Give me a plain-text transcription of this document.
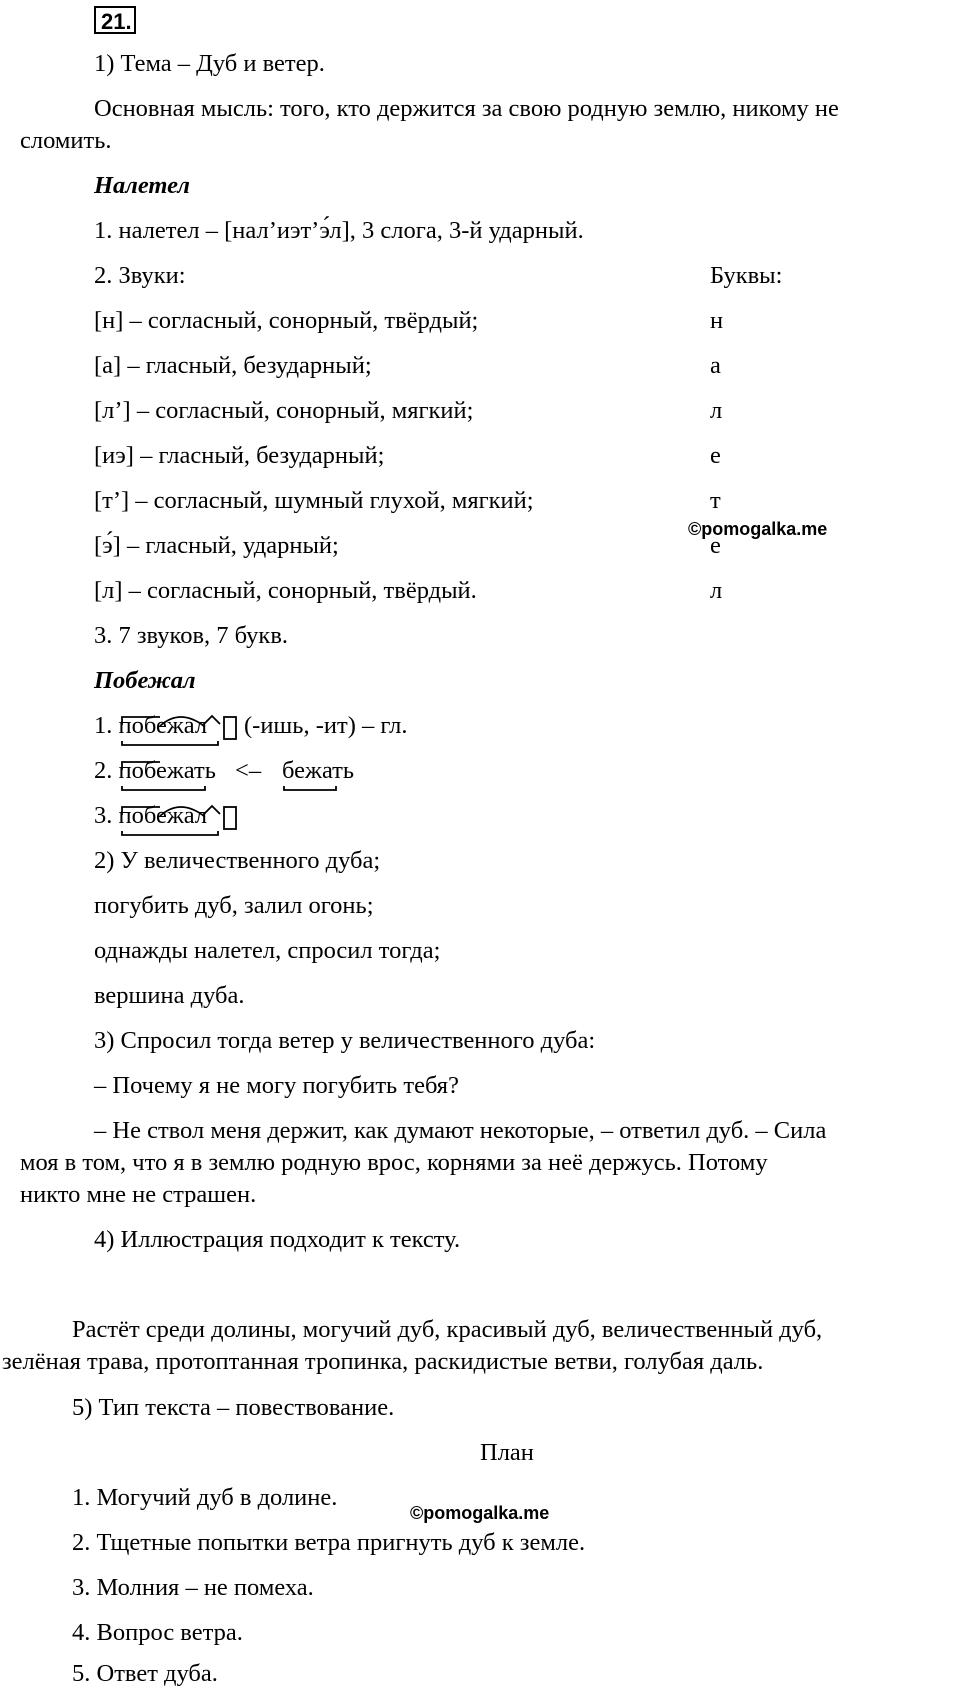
21.
1) Тема – Дуб и ветер.
Основная мысль: того, кто держится за свою родную землю, никому не
сломить.
Налетел
1. налетел – [нал’иэт’э́л], 3 слога, 3-й ударный.
2. Звуки:	Буквы:
[н] – согласный, сонорный, твёрдый;	н
[а] – гласный, безударный;	а
[л’] – согласный, сонорный, мягкий;	л
[иэ] – гласный, безударный;	е
[т’] – согласный, шумный глухой, мягкий;	т
[э́] – гласный, ударный;	е
[л] – согласный, сонорный, твёрдый.	л
3. 7 звуков, 7 букв.
©pomogalka.me
Побежал
1. побежал (-ишь, -ит) – гл.
2. побежать <– бежать
3. побежал
2) У величественного дуба;
погубить дуб, залил огонь;
однажды налетел, спросил тогда;
вершина дуба.
3) Спросил тогда ветер у величественного дуба:
– Почему я не могу погубить тебя?
– Не ствол меня держит, как думают некоторые, – ответил дуб. – Сила
моя в том, что я в землю родную врос, корнями за неё держусь. Потому
никто мне не страшен.
4) Иллюстрация подходит к тексту.
Растёт среди долины, могучий дуб, красивый дуб, величественный дуб,
зелёная трава, протоптанная тропинка, раскидистые ветви, голубая даль.
5) Тип текста – повествование.
План
1. Могучий дуб в долине.
©pomogalka.me
2. Тщетные попытки ветра пригнуть дуб к земле.
3. Молния – не помеха.
4. Вопрос ветра.
5. Ответ дуба.
